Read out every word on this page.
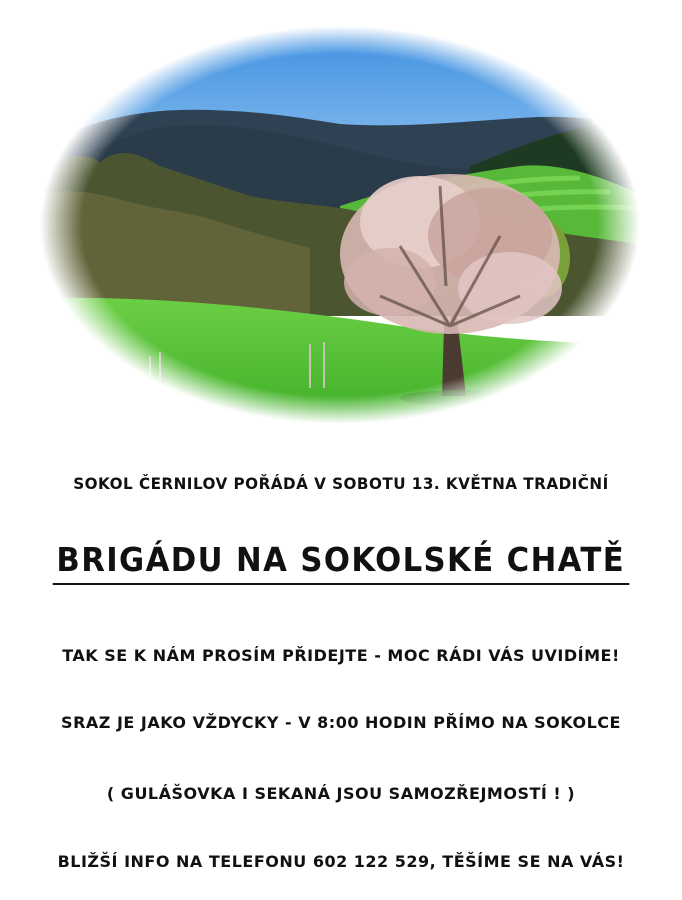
SOKOL ČERNILOV POŘÁDÁ V SOBOTU 13. KVĚTNA TRADIČNÍ
BRIGÁDU NA SOKOLSKÉ CHATĚ
TAK SE K NÁM PROSÍM PŘIDEJTE - MOC RÁDI VÁS UVIDÍME!
SRAZ JE JAKO VŽDYCKY - V 8:00 HODIN PŘÍMO NA SOKOLCE
( GULÁŠOVKA I SEKANÁ JSOU SAMOZŘEJMOSTÍ ! )
BLIŽŠÍ INFO NA TELEFONU 602 122 529, TĚŠÍME SE NA VÁS!
